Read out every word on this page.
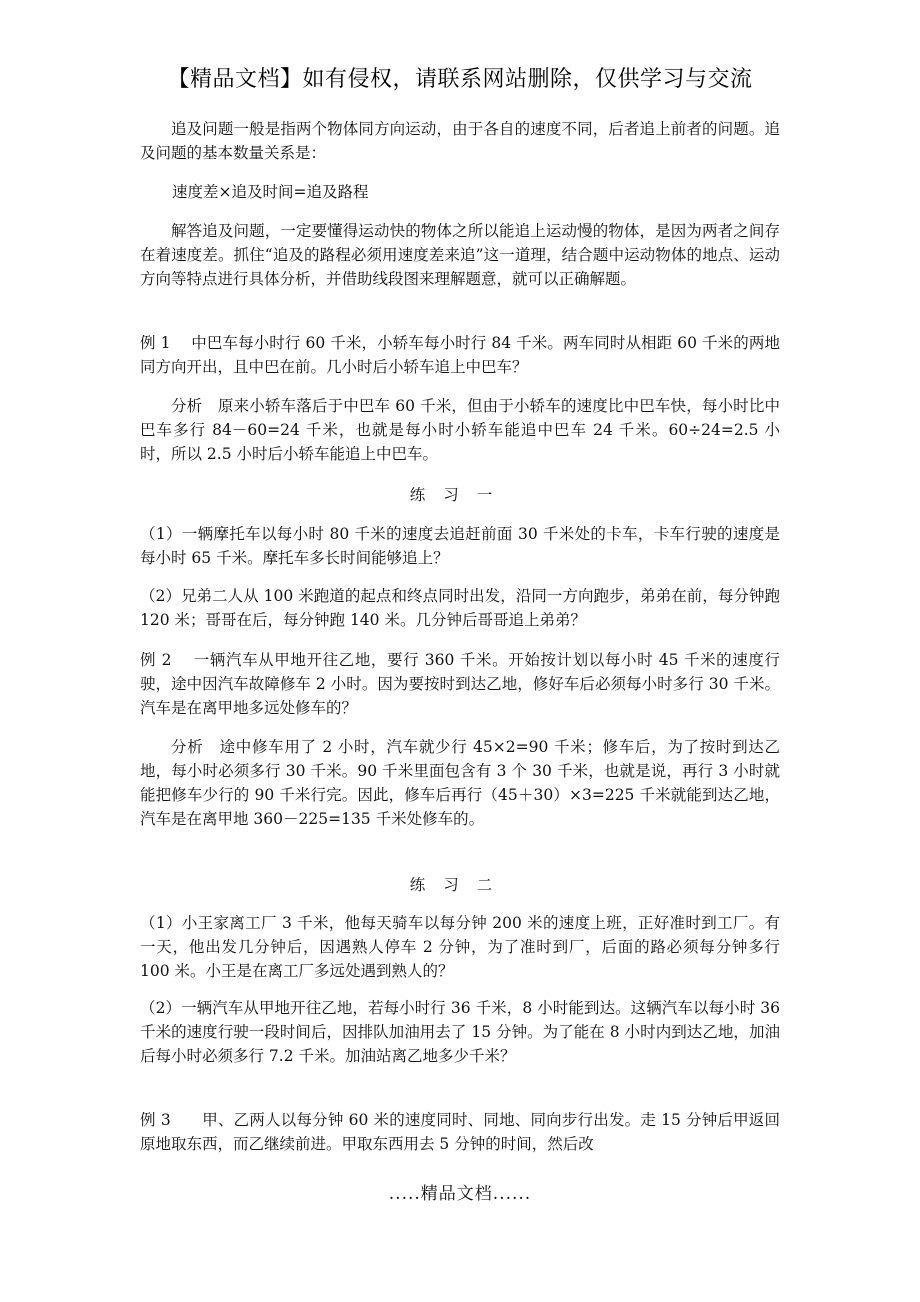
【精品文档】如有侵权，请联系网站删除，仅供学习与交流

追及问题一般是指两个物体同方向运动，由于各自的速度不同，后者追上前者的问题。追及问题的基本数量关系是：

速度差×追及时间=追及路程

解答追及问题，一定要懂得运动快的物体之所以能追上运动慢的物体，是因为两者之间存在着速度差。抓住“追及的路程必须用速度差来追”这一道理，结合题中运动物体的地点、运动方向等特点进行具体分析，并借助线段图来理解题意，就可以正确解题。

例 1　 中巴车每小时行 60 千米，小轿车每小时行 84 千米。两车同时从相距 60 千米的两地同方向开出，且中巴在前。几小时后小轿车追上中巴车？

分析　原来小轿车落后于中巴车 60 千米，但由于小轿车的速度比中巴车快，每小时比中巴车多行 84－60=24 千米，也就是每小时小轿车能追中巴车 24 千米。60÷24=2.5 小时，所以 2.5 小时后小轿车能追上中巴车。

练习一

（1）一辆摩托车以每小时 80 千米的速度去追赶前面 30 千米处的卡车，卡车行驶的速度是每小时 65 千米。摩托车多长时间能够追上？

（2）兄弟二人从 100 米跑道的起点和终点同时出发，沿同一方向跑步，弟弟在前，每分钟跑 120 米；哥哥在后，每分钟跑 140 米。几分钟后哥哥追上弟弟？

例 2　 一辆汽车从甲地开往乙地，要行 360 千米。开始按计划以每小时 45 千米的速度行驶，途中因汽车故障修车 2 小时。因为要按时到达乙地，修好车后必须每小时多行 30 千米。汽车是在离甲地多远处修车的？

分析　途中修车用了 2 小时，汽车就少行 45×2=90 千米；修车后，为了按时到达乙地，每小时必须多行 30 千米。90 千米里面包含有 3 个 30 千米，也就是说，再行 3 小时就能把修车少行的 90 千米行完。因此，修车后再行（45＋30）×3=225 千米就能到达乙地，汽车是在离甲地 360－225=135 千米处修车的。

练习二

（1）小王家离工厂 3 千米，他每天骑车以每分钟 200 米的速度上班，正好准时到工厂。有一天，他出发几分钟后，因遇熟人停车 2 分钟，为了准时到厂，后面的路必须每分钟多行 100 米。小王是在离工厂多远处遇到熟人的？

（2）一辆汽车从甲地开往乙地，若每小时行 36 千米，8 小时能到达。这辆汽车以每小时 36 千米的速度行驶一段时间后，因排队加油用去了 15 分钟。为了能在 8 小时内到达乙地，加油后每小时必须多行 7.2 千米。加油站离乙地多少千米？

例 3　　甲、乙两人以每分钟 60 米的速度同时、同地、同向步行出发。走 15 分钟后甲返回原地取东西，而乙继续前进。甲取东西用去 5 分钟的时间，然后改

.....精品文档......
